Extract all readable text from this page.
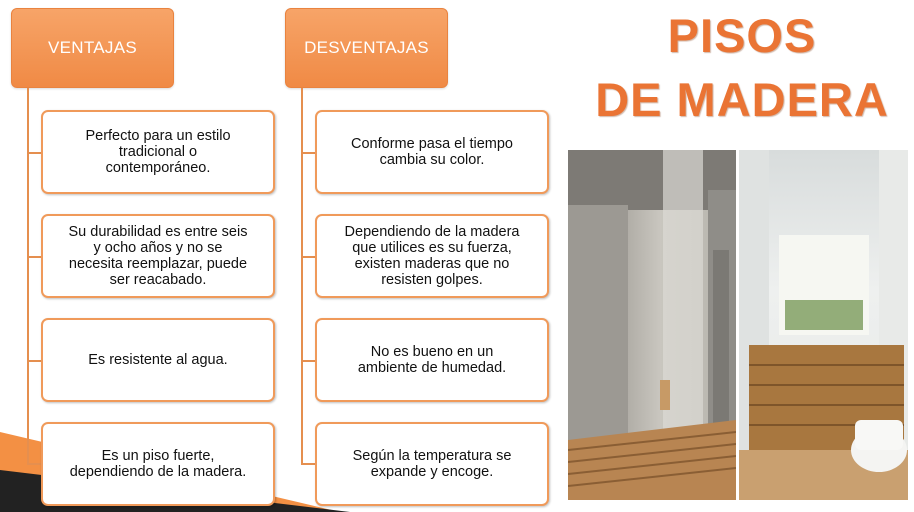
VENTAJAS
Perfecto para un estilo
tradicional o
contemporáneo.
Su durabilidad es entre seis
y ocho años y no se
necesita reemplazar, puede
ser reacabado.
Es resistente al agua.
Es un piso fuerte,
dependiendo de la madera.
DESVENTAJAS
Conforme pasa el tiempo
cambia su color.
Dependiendo de la madera
que utilices es su fuerza,
existen maderas que no
resisten golpes.
No es bueno en un
ambiente de humedad.
Según la temperatura se
expande y encoge.
PISOS
DE MADERA
